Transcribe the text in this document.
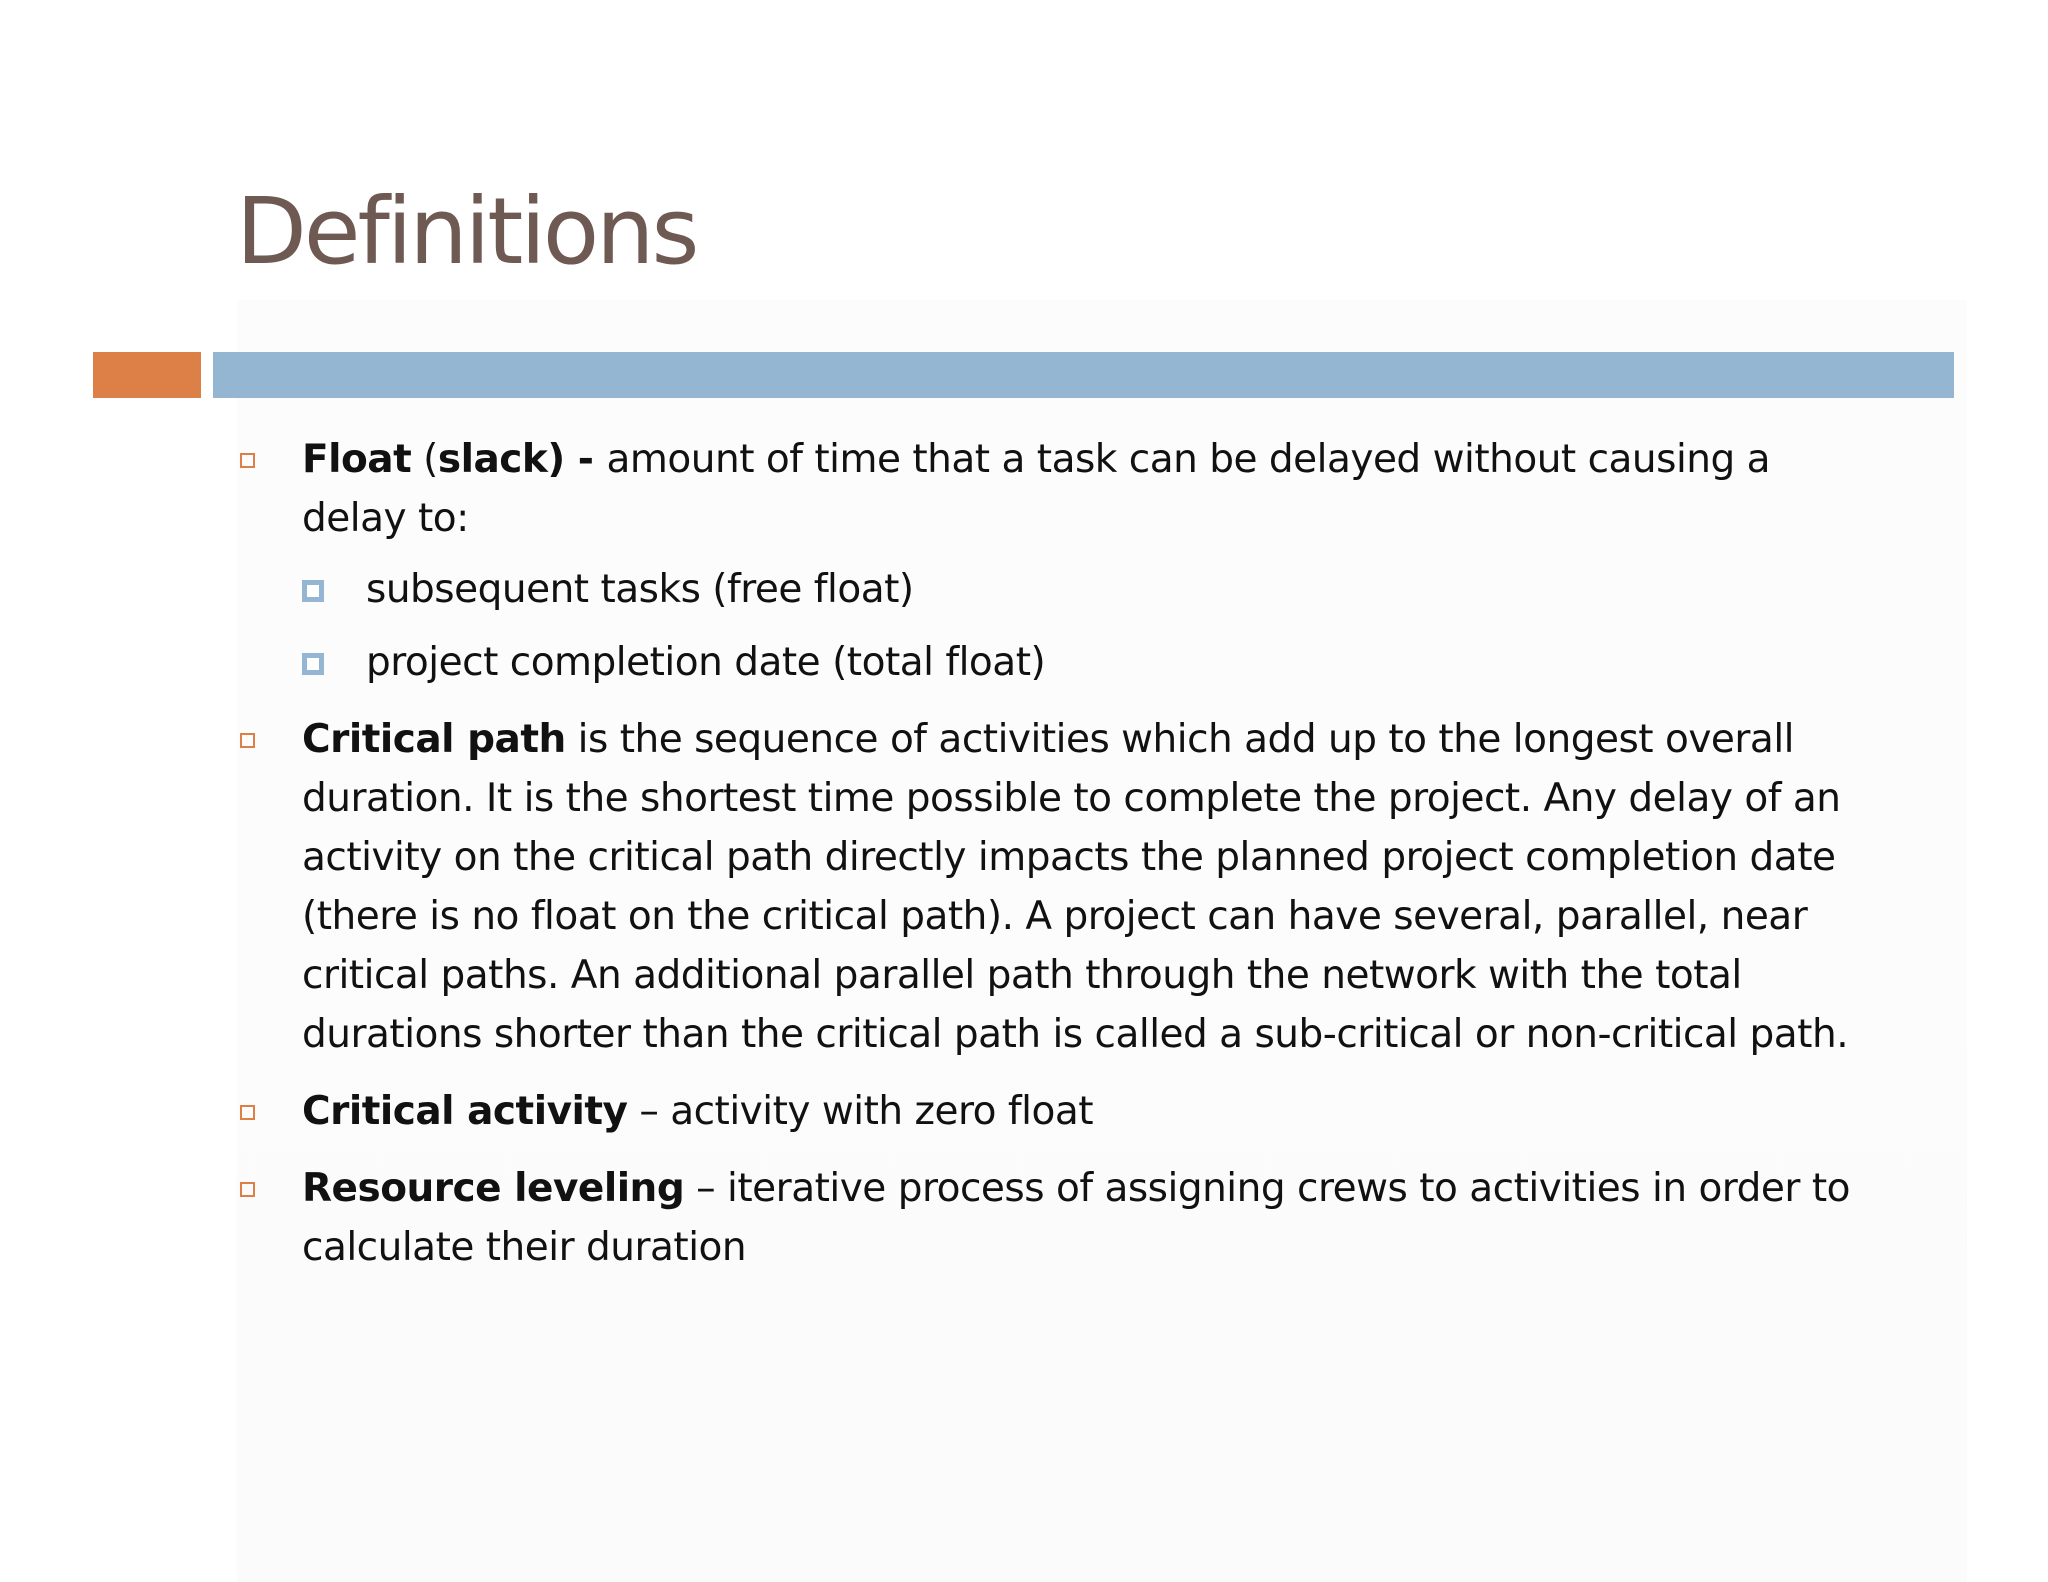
Definitions
Float (slack) - amount of time that a task can be delayed without causing a delay to:
subsequent tasks (free float)
project completion date (total float)
Critical path is the sequence of activities which add up to the longest overall duration. It is the shortest time possible to complete the project. Any delay of an activity on the critical path directly impacts the planned project completion date (there is no float on the critical path). A project can have several, parallel, near critical paths. An additional parallel path through the network with the total durations shorter than the critical path is called a sub-critical or non-critical path.
Critical activity – activity with zero float
Resource leveling – iterative process of assigning crews to activities in order to calculate their duration
